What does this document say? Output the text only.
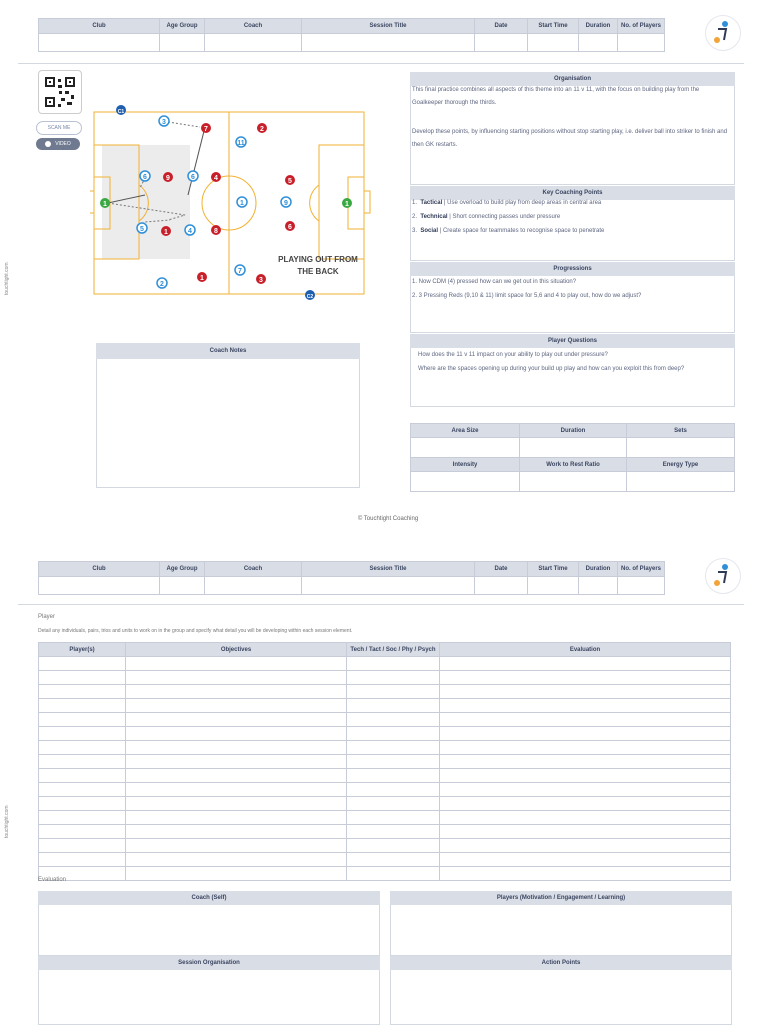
Club	Age Group	Coach	Session Title	Date	Start Time	Duration	No. of Players

touchtight.com
SCAN ME
VIDEO
3
11
6	6
1
5	4
9
2
7
C1
C2
7	2
9	4	5
1
6
8
1	3
1	1
PLAYING OUT FROM
THE BACK
Organisation
This final practice combines all aspects of this theme into an 11 v 11, with the focus on building play from the Goalkeeper thorough the thirds.
Develop these points, by influencing starting positions without stop starting play, i.e. deliver ball into striker to finish and then GK restarts.
Key Coaching Points
1. Tactical | Use overload to build play from deep areas in central area
2. Technical | Short connecting passes under pressure
3. Social | Create space for teammates to recognise space to penetrate
Progressions
1. Now CDM (4) pressed how can we get out in this situation?
2. 3 Pressing Reds (9,10 & 11) limit space for 5,6 and 4 to play out, how do we adjust?
Player Questions
How does the 11 v 11 impact on your ability to play out under pressure?
Where are the spaces opening up during your build up play and how can you exploit this from deep?
Coach Notes
Area Size	Duration	Sets

Intensity	Work to Rest Ratio	Energy Type

© Touchtight Coaching
Club	Age Group	Coach	Session Title	Date	Start Time	Duration	No. of Players

touchtight.com
Player
Detail any individuals, pairs, trios and units to work on in the group and specify what detail you will be developing within each session element.
Player(s)	Objectives	Tech / Tact / Soc / Phy / Psych	Evaluation

Evaluation
Coach (Self)	Players (Motivation / Engagement / Learning)
Session Organisation	Action Points
